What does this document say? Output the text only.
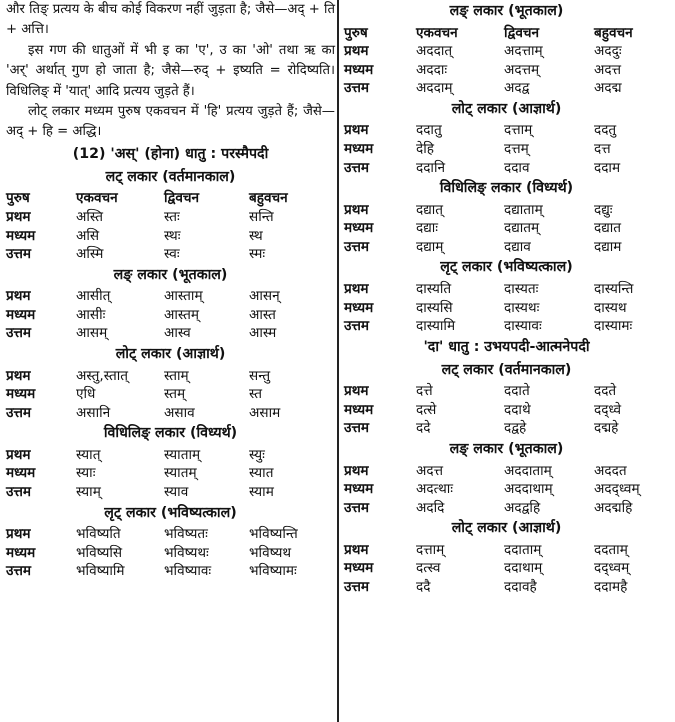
और तिङ् प्रत्यय के बीच कोई विकरण नहीं जुड़ता है; जैसे—अद् + ति + अत्ति।

इस गण की धातुओं में भी इ का 'ए', उ का 'ओ' तथा ऋ का 'अर्' अर्थात् गुण हो जाता है; जैसे—रुद् + इष्यति = रोदिष्यति। विधिलिङ् में 'यात्' आदि प्रत्यय जुड़ते हैं।

लोट् लकार मध्यम पुरुष एकवचन में 'हि' प्रत्यय जुड़ते हैं; जैसे—अद् + हि = अद्धि।

(12) 'अस्' (होना) धातु : परस्मैपदी

लट् लकार (वर्तमानकाल)

पुरुष	एकवचन	द्विवचन	बहुवचन
प्रथम	अस्ति	स्तः	सन्ति
मध्यम	असि	स्थः	स्थ
उत्तम	अस्मि	स्वः	स्मः

लङ् लकार (भूतकाल)

प्रथम	आसीत्	आस्ताम्	आसन्
मध्यम	आसीः	आस्तम्	आस्त
उत्तम	आसम्	आस्व	आस्म

लोट् लकार (आज्ञार्थ)

प्रथम	अस्तु,स्तात्	स्ताम्	सन्तु
मध्यम	एधि	स्तम्	स्त
उत्तम	असानि	असाव	असाम

विधिलिङ् लकार (विध्यर्थ)

प्रथम	स्यात्	स्याताम्	स्युः
मध्यम	स्याः	स्यातम्	स्यात
उत्तम	स्याम्	स्याव	स्याम

लृट् लकार (भविष्यत्काल)

प्रथम	भविष्यति	भविष्यतः	भविष्यन्ति
मध्यम	भविष्यसि	भविष्यथः	भविष्यथ
उत्तम	भविष्यामि	भविष्यावः	भविष्यामः

लङ् लकार (भूतकाल)

पुरुष	एकवचन	द्विवचन	बहुवचन
प्रथम	अददात्	अदत्ताम्	अददुः
मध्यम	अददाः	अदत्तम्	अदत्त
उत्तम	अददाम्	अदद्व	अदद्म

लोट् लकार (आज्ञार्थ)

प्रथम	ददातु	दत्ताम्	ददतु
मध्यम	देहि	दत्तम्	दत्त
उत्तम	ददानि	ददाव	ददाम

विधिलिङ् लकार (विध्यर्थ)

प्रथम	दद्यात्	दद्याताम्	दद्युः
मध्यम	दद्याः	दद्यातम्	दद्यात
उत्तम	दद्याम्	दद्याव	दद्याम

लृट् लकार (भविष्यत्काल)

प्रथम	दास्यति	दास्यतः	दास्यन्ति
मध्यम	दास्यसि	दास्यथः	दास्यथ
उत्तम	दास्यामि	दास्यावः	दास्यामः

'दा' धातु : उभयपदी-आत्मनेपदी

लट् लकार (वर्तमानकाल)

प्रथम	दत्ते	ददाते	ददते
मध्यम	दत्से	ददाथे	दद्ध्वे
उत्तम	ददे	दद्वहे	दद्महे

लङ् लकार (भूतकाल)

प्रथम	अदत्त	अददाताम्	अददत
मध्यम	अदत्थाः	अददाथाम्	अदद्ध्वम्
उत्तम	अददि	अदद्वहि	अदद्महि

लोट् लकार (आज्ञार्थ)

प्रथम	दत्ताम्	ददाताम्	ददताम्
मध्यम	दत्स्व	ददाथाम्	दद्ध्वम्
उत्तम	ददै	ददावहै	ददामहै
